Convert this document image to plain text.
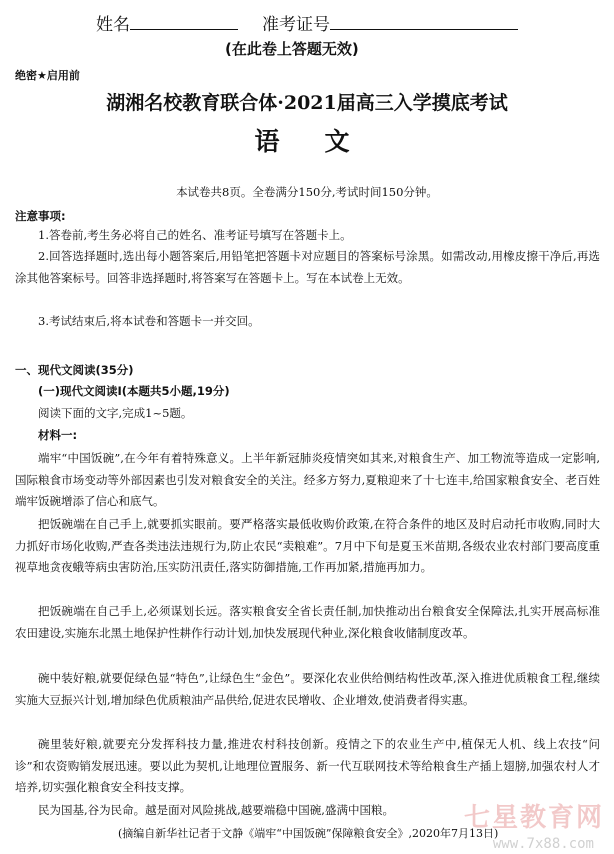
姓名	准考证号
(在此卷上答题无效)
绝密★启用前
湖湘名校教育联合体·2021届高三入学摸底考试
语　文
本试卷共8页。全卷满分150分,考试时间150分钟。
注意事项:
1.答卷前,考生务必将自己的姓名、准考证号填写在答题卡上。
2.回答选择题时,选出每小题答案后,用铅笔把答题卡对应题目的答案标号涂黑。如需改动,用橡皮擦干净后,再选涂其他答案标号。回答非选择题时,将答案写在答题卡上。写在本试卷上无效。
3.考试结束后,将本试卷和答题卡一并交回。
一、现代文阅读(35分)
(一)现代文阅读Ⅰ(本题共5小题,19分)
阅读下面的文字,完成1~5题。
材料一:
端牢“中国饭碗”,在今年有着特殊意义。上半年新冠肺炎疫情突如其来,对粮食生产、加工物流等造成一定影响,国际粮食市场变动等外部因素也引发对粮食安全的关注。经多方努力,夏粮迎来了十七连丰,给国家粮食安全、老百姓端牢饭碗增添了信心和底气。
把饭碗端在自己手上,就要抓实眼前。要严格落实最低收购价政策,在符合条件的地区及时启动托市收购,同时大力抓好市场化收购,严查各类违法违规行为,防止农民“卖粮难”。7月中下旬是夏玉米苗期,各级农业农村部门要高度重视草地贪夜蛾等病虫害防治,压实防汛责任,落实防御措施,工作再加紧,措施再加力。
把饭碗端在自己手上,必须谋划长远。落实粮食安全省长责任制,加快推动出台粮食安全保障法,扎实开展高标准农田建设,实施东北黑土地保护性耕作行动计划,加快发展现代种业,深化粮食收储制度改革。
碗中装好粮,就要促绿色显“特色”,让绿色生“金色”。要深化农业供给侧结构性改革,深入推进优质粮食工程,继续实施大豆振兴计划,增加绿色优质粮油产品供给,促进农民增收、企业增效,使消费者得实惠。
碗里装好粮,就要充分发挥科技力量,推进农村科技创新。疫情之下的农业生产中,植保无人机、线上农技“问诊”和农资购销发展迅速。要以此为契机,让地理位置服务、新一代互联网技术等给粮食生产插上翅膀,加强农村人才培养,切实强化粮食安全科技支撑。
民为国基,谷为民命。越是面对风险挑战,越要端稳中国碗,盛满中国粮。
(摘编自新华社记者于文静《端牢“中国饭碗”保障粮食安全》,2020年7月13日)
七星教育网
www.7x88.com
